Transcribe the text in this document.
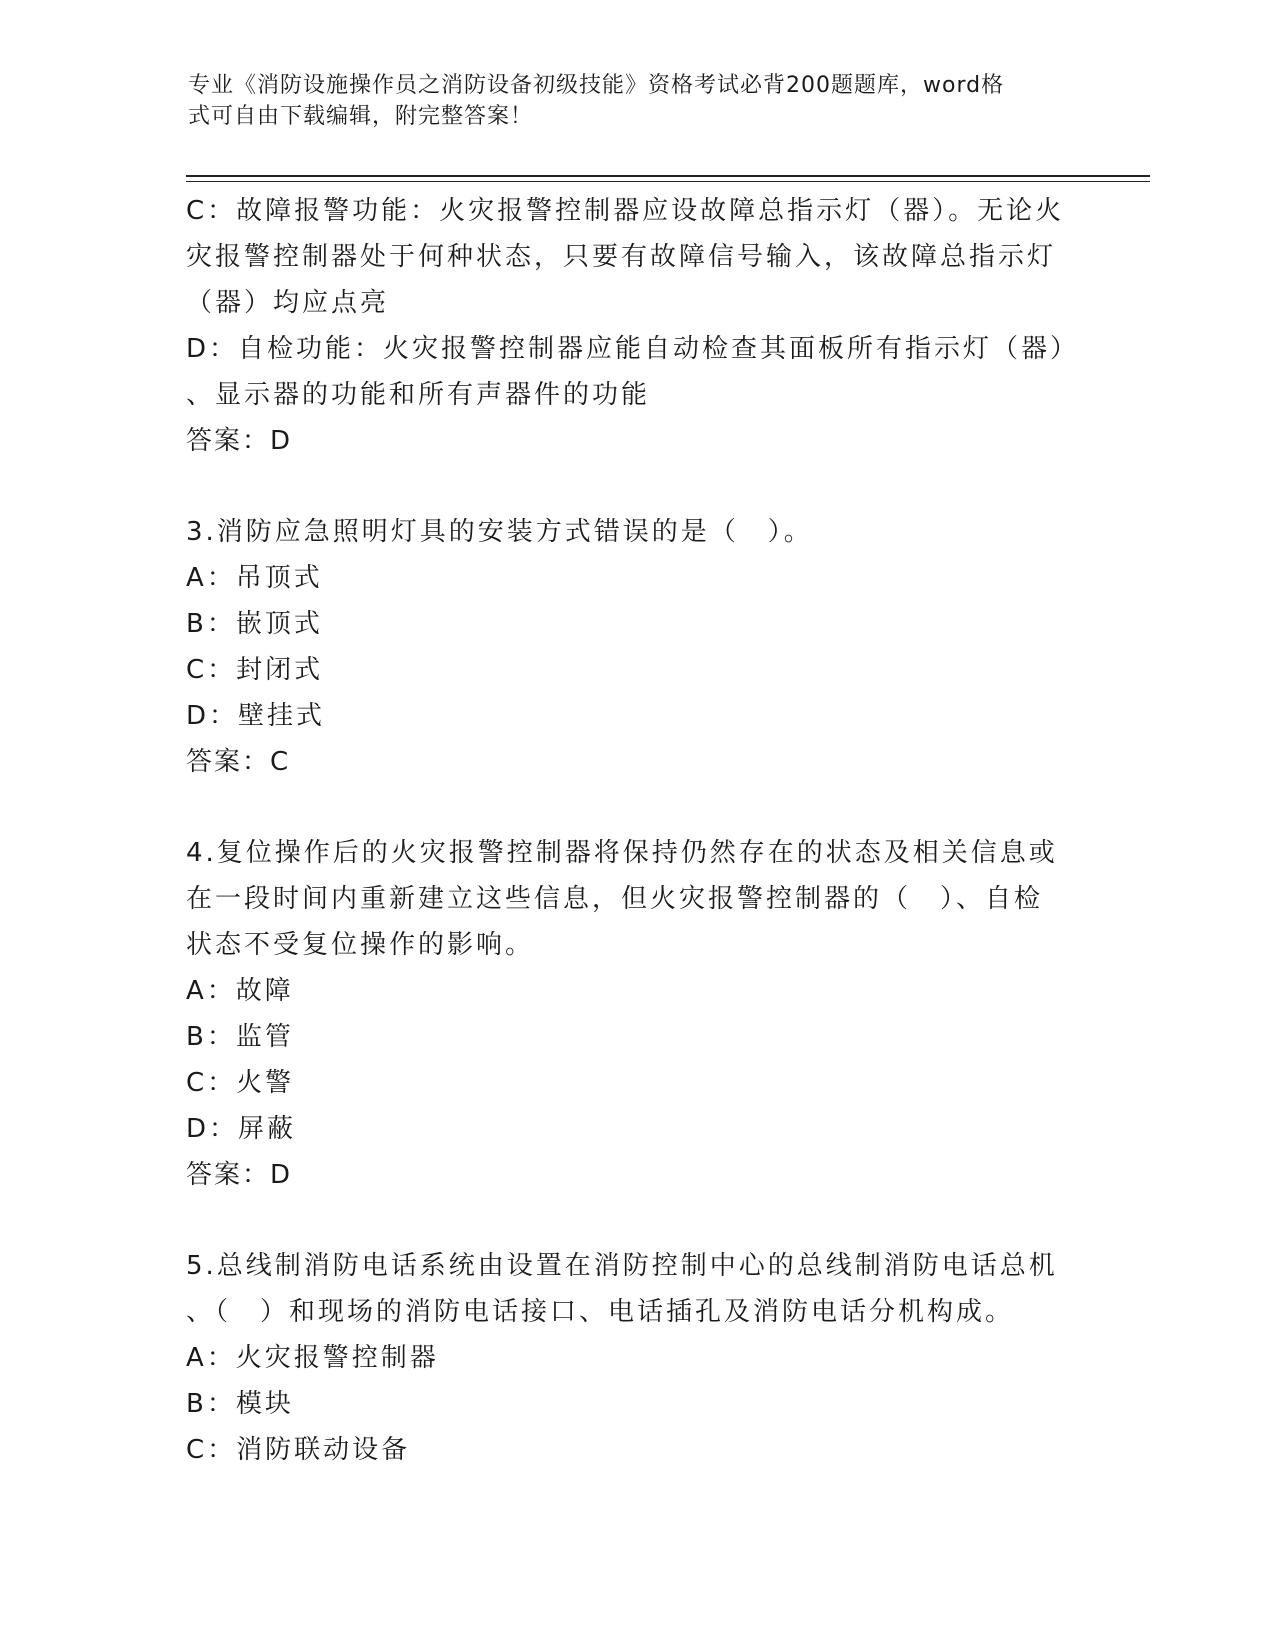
专业《消防设施操作员之消防设备初级技能》资格考试必背200题题库，word格
式可自由下载编辑，附完整答案！
C：故障报警功能：火灾报警控制器应设故障总指示灯（器）。无论火
灾报警控制器处于何种状态，只要有故障信号输入，该故障总指示灯
（器）均应点亮
D：自检功能：火灾报警控制器应能自动检查其面板所有指示灯（器）
、显示器的功能和所有声器件的功能
答案：D
3.消防应急照明灯具的安装方式错误的是（　）。
A：吊顶式
B：嵌顶式
C：封闭式
D：壁挂式
答案：C
4.复位操作后的火灾报警控制器将保持仍然存在的状态及相关信息或
在一段时间内重新建立这些信息，但火灾报警控制器的（　）、自检
状态不受复位操作的影响。
A：故障
B：监管
C：火警
D：屏蔽
答案：D
5.总线制消防电话系统由设置在消防控制中心的总线制消防电话总机
、（　）和现场的消防电话接口、电话插孔及消防电话分机构成。
A：火灾报警控制器
B：模块
C：消防联动设备
